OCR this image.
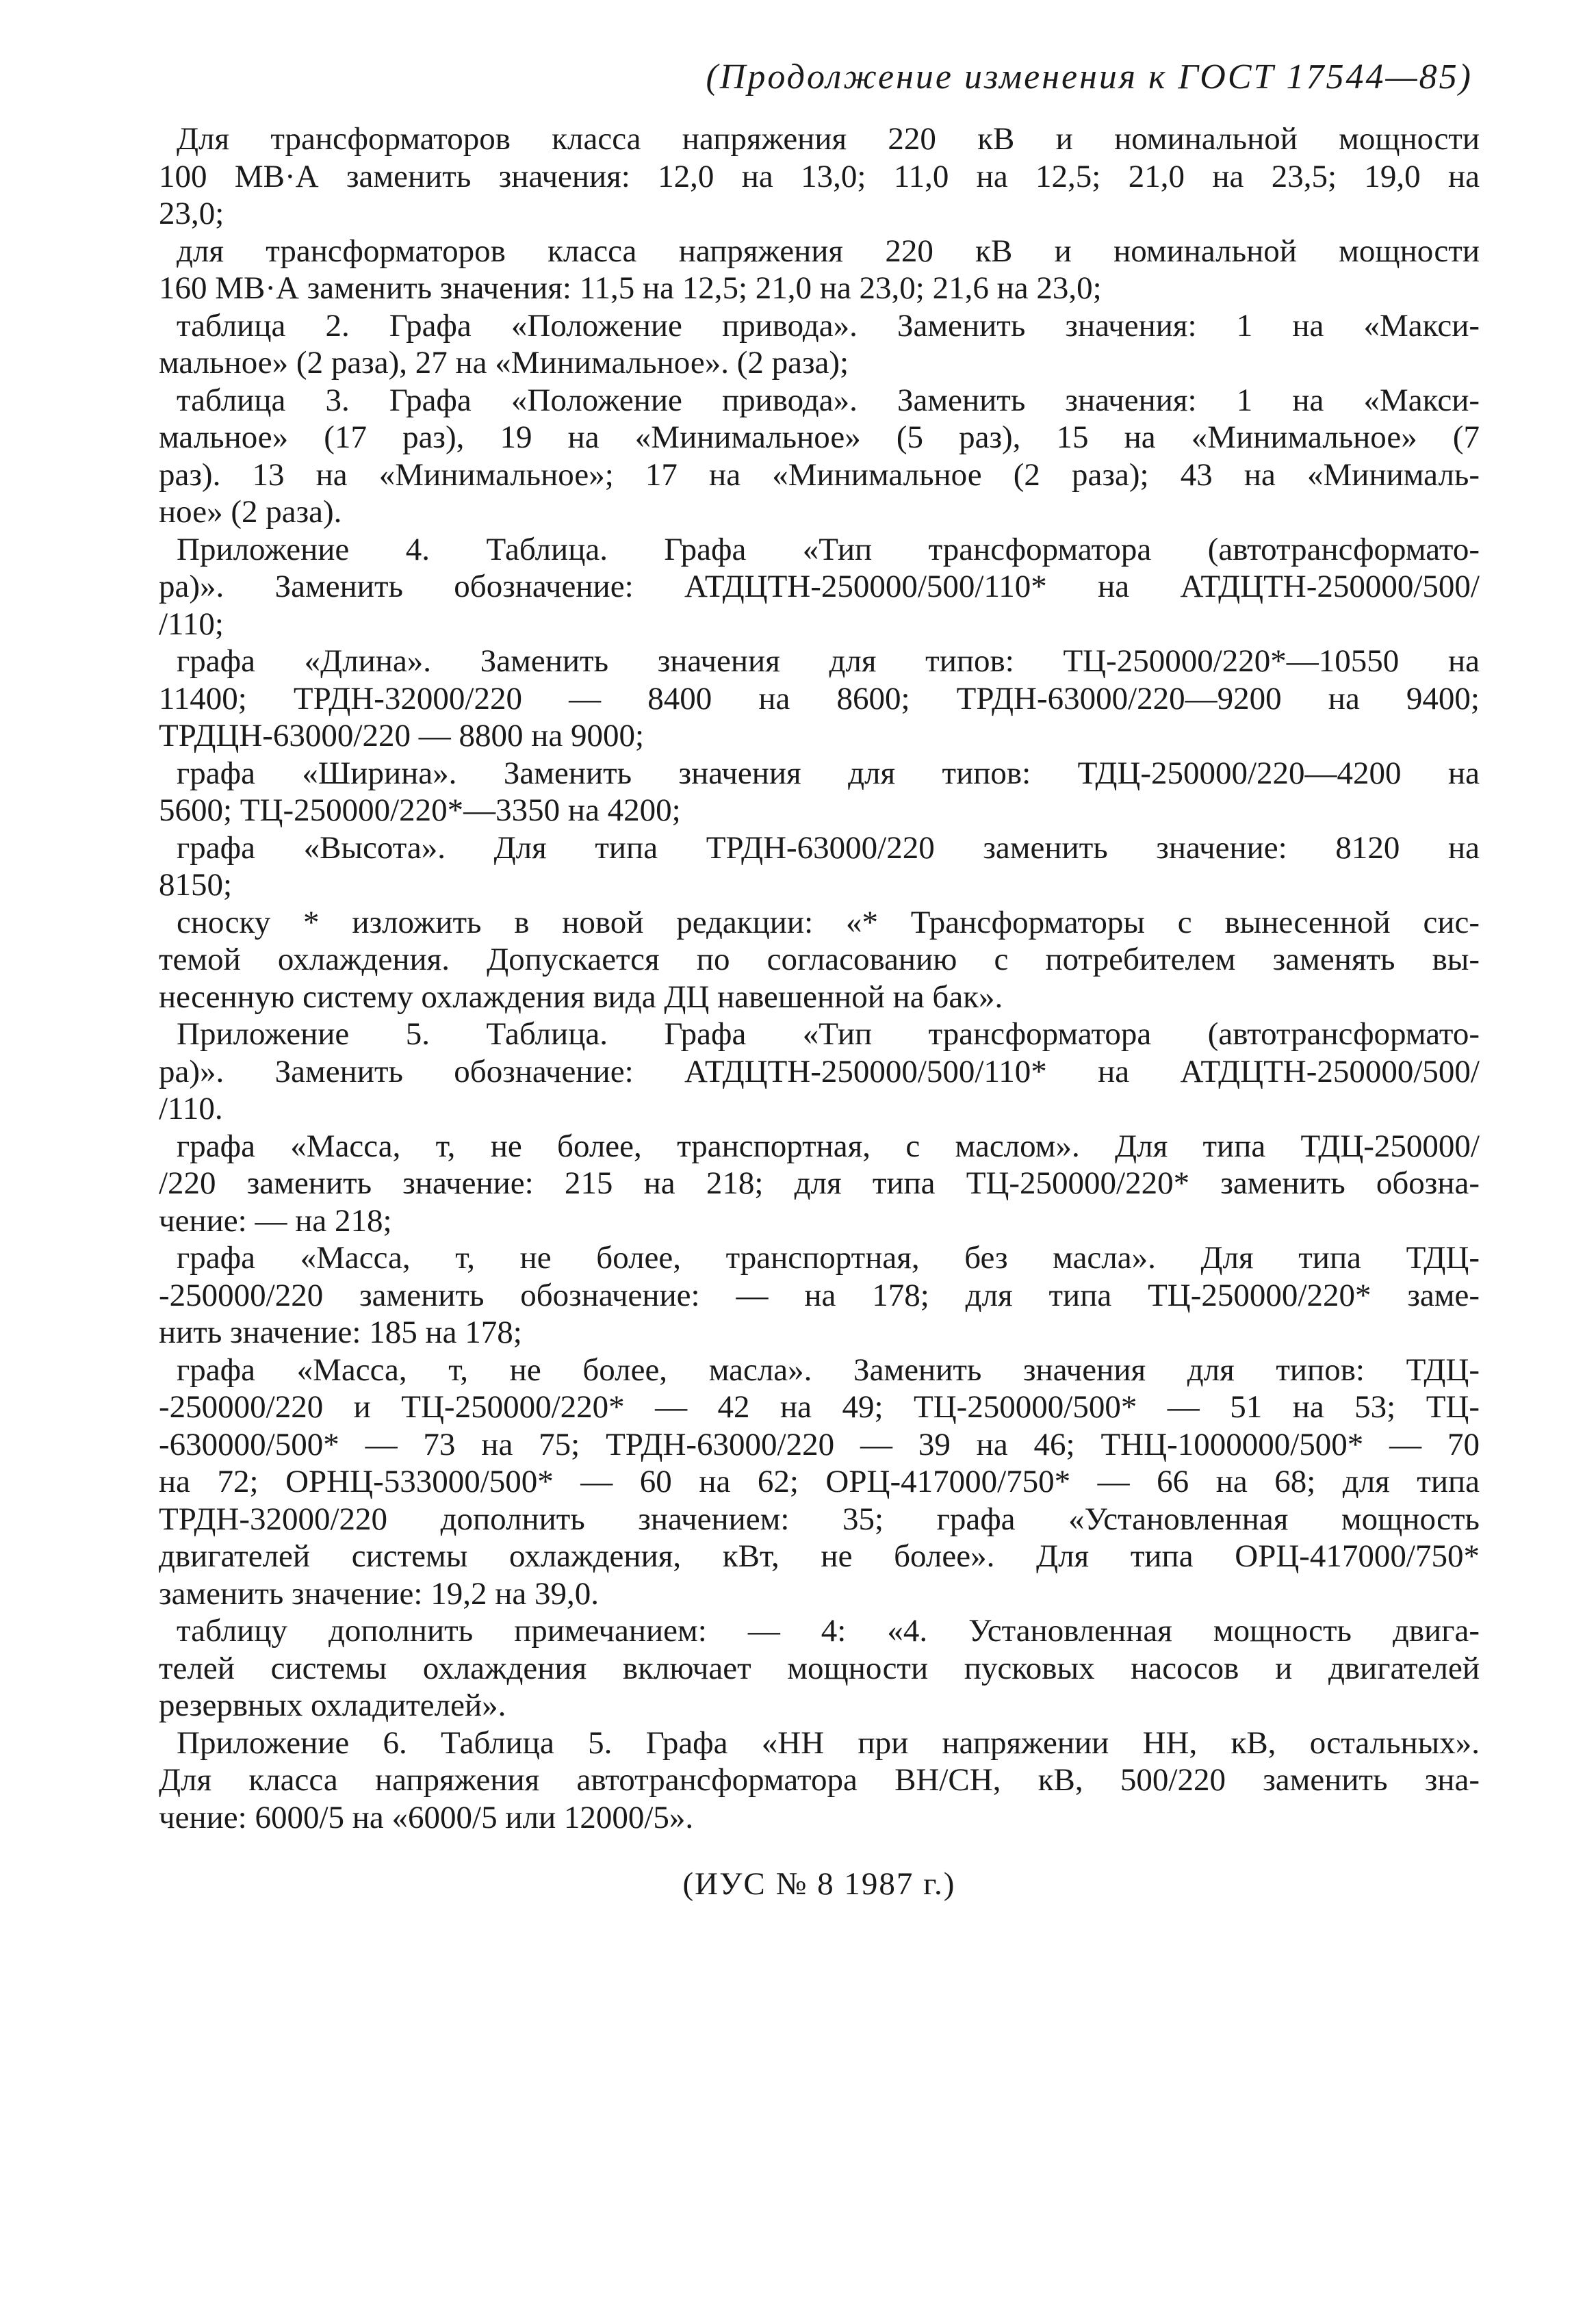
(Продолжение изменения к ГОСТ 17544—85)
Для трансформаторов класса напряжения 220 кВ и номинальной мощности
100 МВ·А заменить значения: 12,0 на 13,0; 11,0 на 12,5; 21,0 на 23,5; 19,0 на
23,0;
для трансформаторов класса напряжения 220 кВ и номинальной мощности
160 МВ·А заменить значения: 11,5 на 12,5; 21,0 на 23,0; 21,6 на 23,0;
таблица 2. Графа «Положение привода». Заменить значения: 1 на «Макси-
мальное» (2 раза), 27 на «Минимальное». (2 раза);
таблица 3. Графа «Положение привода». Заменить значения: 1 на «Макси-
мальное» (17 раз), 19 на «Минимальное» (5 раз), 15 на «Минимальное» (7
раз). 13 на «Минимальное»; 17 на «Минимальное (2 раза); 43 на «Минималь-
ное» (2 раза).
Приложение 4. Таблица. Графа «Тип трансформатора (автотрансформато-
ра)». Заменить обозначение: АТДЦТН-250000/500/110* на АТДЦТН-250000/500/
/110;
графа «Длина». Заменить значения для типов: ТЦ-250000/220*—10550 на
11400; ТРДН-32000/220 — 8400 на 8600; ТРДН-63000/220—9200 на 9400;
ТРДЦН-63000/220 — 8800 на 9000;
графа «Ширина». Заменить значения для типов: ТДЦ-250000/220—4200 на
5600; ТЦ-250000/220*—3350 на 4200;
графа «Высота». Для типа ТРДН-63000/220 заменить значение: 8120 на
8150;
сноску * изложить в новой редакции: «* Трансформаторы с вынесенной сис-
темой охлаждения. Допускается по согласованию с потребителем заменять вы-
несенную систему охлаждения вида ДЦ навешенной на бак».
Приложение 5. Таблица. Графа «Тип трансформатора (автотрансформато-
ра)». Заменить обозначение: АТДЦТН-250000/500/110* на АТДЦТН-250000/500/
/110.
графа «Масса, т, не более, транспортная, с маслом». Для типа ТДЦ-250000/
/220 заменить значение: 215 на 218; для типа ТЦ-250000/220* заменить обозна-
чение: — на 218;
графа «Масса, т, не более, транспортная, без масла». Для типа ТДЦ-
-250000/220 заменить обозначение: — на 178; для типа ТЦ-250000/220* заме-
нить значение: 185 на 178;
графа «Масса, т, не более, масла». Заменить значения для типов: ТДЦ-
-250000/220 и ТЦ-250000/220* — 42 на 49; ТЦ-250000/500* — 51 на 53; ТЦ-
-630000/500* — 73 на 75; ТРДН-63000/220 — 39 на 46; ТНЦ-1000000/500* — 70
на 72; ОРНЦ-533000/500* — 60 на 62; ОРЦ-417000/750* — 66 на 68; для типа
ТРДН-32000/220 дополнить значением: 35; графа «Установленная мощность
двигателей системы охлаждения, кВт, не более». Для типа ОРЦ-417000/750*
заменить значение: 19,2 на 39,0.
таблицу дополнить примечанием: — 4: «4. Установленная мощность двига-
телей системы охлаждения включает мощности пусковых насосов и двигателей
резервных охладителей».
Приложение 6. Таблица 5. Графа «НН при напряжении НН, кВ, остальных».
Для класса напряжения автотрансформатора ВН/СН, кВ, 500/220 заменить зна-
чение: 6000/5 на «6000/5 или 12000/5».
(ИУС № 8 1987 г.)
